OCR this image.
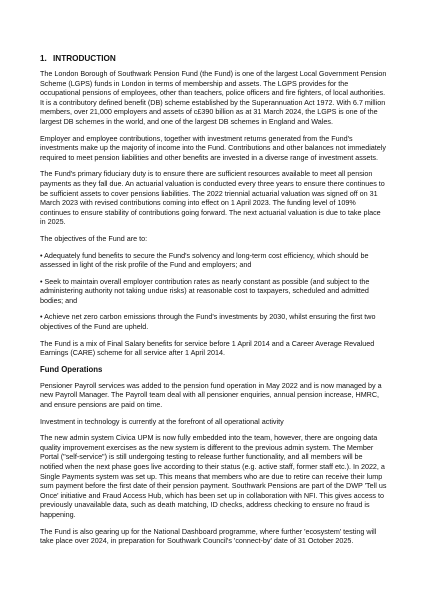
1. INTRODUCTION

The London Borough of Southwark Pension Fund (the Fund) is one of the largest Local Government Pension Scheme (LGPS) funds in London in terms of membership and assets. The LGPS provides for the occupational pensions of employees, other than teachers, police officers and fire fighters, of local authorities. It is a contributory defined benefit (DB) scheme established by the Superannuation Act 1972. With 6.7 million members, over 21,000 employers and assets of c£390 billion as at 31 March 2024, the LGPS is one of the largest DB schemes in the world, and one of the largest DB schemes in England and Wales.

Employer and employee contributions, together with investment returns generated from the Fund's investments make up the majority of income into the Fund. Contributions and other balances not immediately required to meet pension liabilities and other benefits are invested in a diverse range of investment assets.

The Fund's primary fiduciary duty is to ensure there are sufficient resources available to meet all pension payments as they fall due. An actuarial valuation is conducted every three years to ensure there continues to be sufficient assets to cover pensions liabilities. The 2022 triennial actuarial valuation was signed off on 31 March 2023 with revised contributions coming into effect on 1 April 2023. The funding level of 109% continues to ensure stability of contributions going forward. The next actuarial valuation is due to take place in 2025.

The objectives of the Fund are to:

• Adequately fund benefits to secure the Fund's solvency and long-term cost efficiency, which should be assessed in light of the risk profile of the Fund and employers; and

• Seek to maintain overall employer contribution rates as nearly constant as possible (and subject to the administering authority not taking undue risks) at reasonable cost to taxpayers, scheduled and admitted bodies; and

• Achieve net zero carbon emissions through the Fund's investments by 2030, whilst ensuring the first two objectives of the Fund are upheld.

The Fund is a mix of Final Salary benefits for service before 1 April 2014 and a Career Average Revalued Earnings (CARE) scheme for all service after 1 April 2014.

Fund Operations

Pensioner Payroll services was added to the pension fund operation in May 2022 and is now managed by a new Payroll Manager. The Payroll team deal with all pensioner enquiries, annual pension increase, HMRC, and ensure pensions are paid on time.

Investment in technology is currently at the forefront of all operational activity

The new admin system Civica UPM is now fully embedded into the team, however, there are ongoing data quality improvement exercises as the new system is different to the previous admin system. The Member Portal ("self-service") is still undergoing testing to release further functionality, and all members will be notified when the next phase goes live according to their status (e.g. active staff, former staff etc.). In 2022, a Single Payments system was set up. This means that members who are due to retire can receive their lump sum payment before the first date of their pension payment. Southwark Pensions are part of the DWP 'Tell us Once' initiative and Fraud Access Hub, which has been set up in collaboration with NFI. This gives access to previously unavailable data, such as death matching, ID checks, address checking to ensure no fraud is happening.

The Fund is also gearing up for the National Dashboard programme, where further 'ecosystem' testing will take place over 2024, in preparation for Southwark Council's 'connect-by' date of 31 October 2025.
